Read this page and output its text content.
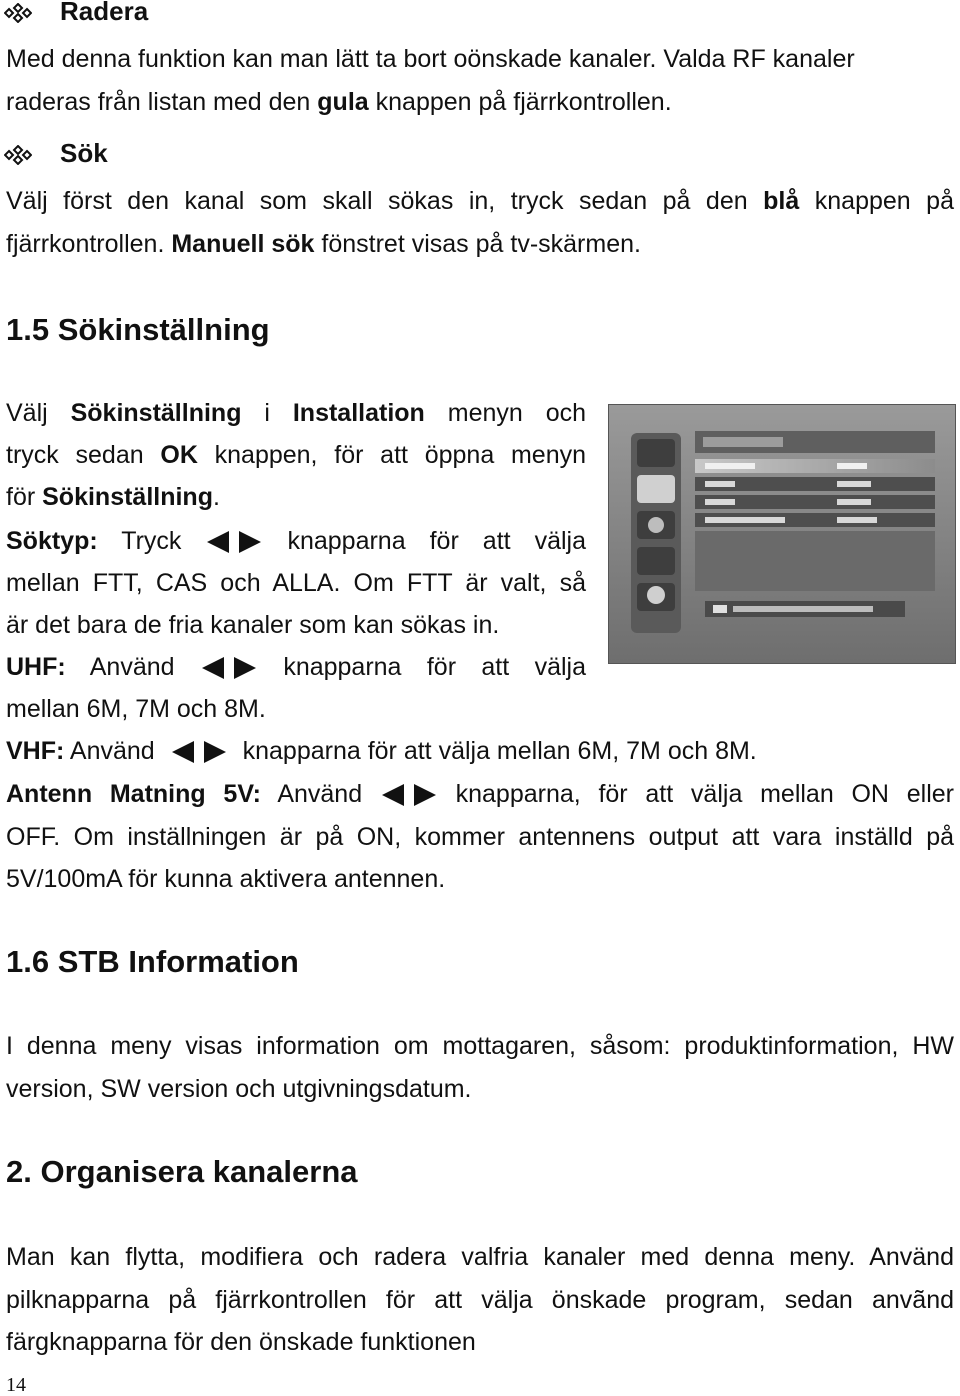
Radera
Med denna funktion kan man lätt ta bort oönskade kanaler. Valda RF kanaler
raderas från listan med den gula knappen på fjärrkontrollen.
Sök
Välj först den kanal som skall sökas in, tryck sedan på den blå knappen på
fjärrkontrollen. Manuell sök fönstret visas på tv-skärmen.
1.5 Sökinställning
Välj Sökinställning i Installation menyn och
tryck sedan OK knappen, för att öppna menyn
för Sökinställning.
Söktyp: Tryck	knapparna för att välja
mellan FTT, CAS och ALLA. Om FTT är valt, så
är det bara de fria kanaler som kan sökas in.
UHF: Använd	knapparna för att välja
mellan 6M, 7M och 8M.
VHF: Använd	knapparna för att välja mellan 6M, 7M och 8M.
Antenn Matning 5V: Använd	knapparna, för att välja mellan ON eller
OFF. Om inställningen är på ON, kommer antennens output att vara inställd på
5V/100mA för kunna aktivera antennen.
1.6 STB Information
I denna meny visas information om mottagaren, såsom: produktinformation, HW
version, SW version och utgivningsdatum.
2. Organisera kanalerna
Man kan flytta, modifiera och radera valfria kanaler med denna meny. Använd
pilknapparna på fjärrkontrollen för att välja önskade program, sedan anvãnd
färgknapparna för den önskade funktionen
14
